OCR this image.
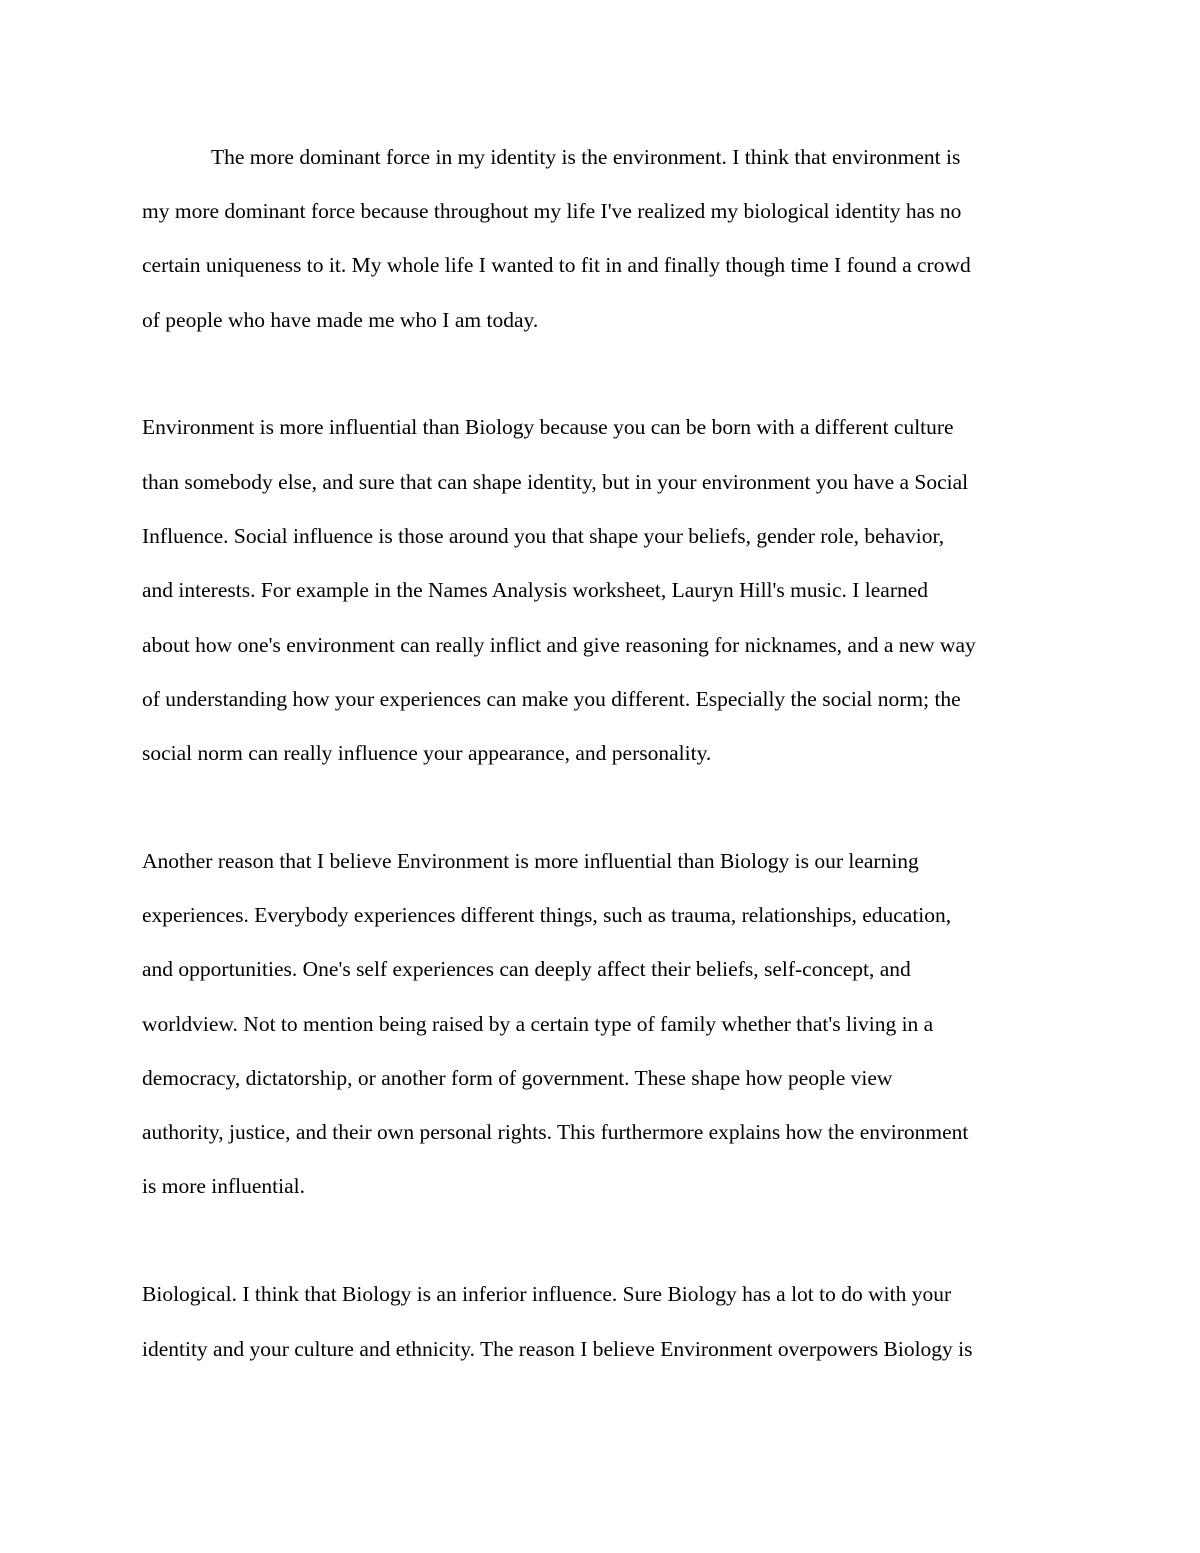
The more dominant force in my identity is the environment. I think that environment is
my more dominant force because throughout my life I've realized my biological identity has no
certain uniqueness to it. My whole life I wanted to fit in and finally though time I found a crowd
of people who have made me who I am today.
Environment is more influential than Biology because you can be born with a different culture
than somebody else, and sure that can shape identity, but in your environment you have a Social
Influence. Social influence is those around you that shape your beliefs, gender role, behavior,
and interests. For example in the Names Analysis worksheet, Lauryn Hill's music. I learned
about how one's environment can really inflict and give reasoning for nicknames, and a new way
of understanding how your experiences can make you different. Especially the social norm; the
social norm can really influence your appearance, and personality.
Another reason that I believe Environment is more influential than Biology is our learning
experiences. Everybody experiences different things, such as trauma, relationships, education,
and opportunities. One's self experiences can deeply affect their beliefs, self-concept, and
worldview. Not to mention being raised by a certain type of family whether that's living in a
democracy, dictatorship, or another form of government. These shape how people view
authority, justice, and their own personal rights. This furthermore explains how the environment
is more influential.
Biological. I think that Biology is an inferior influence. Sure Biology has a lot to do with your
identity and your culture and ethnicity. The reason I believe Environment overpowers Biology is
